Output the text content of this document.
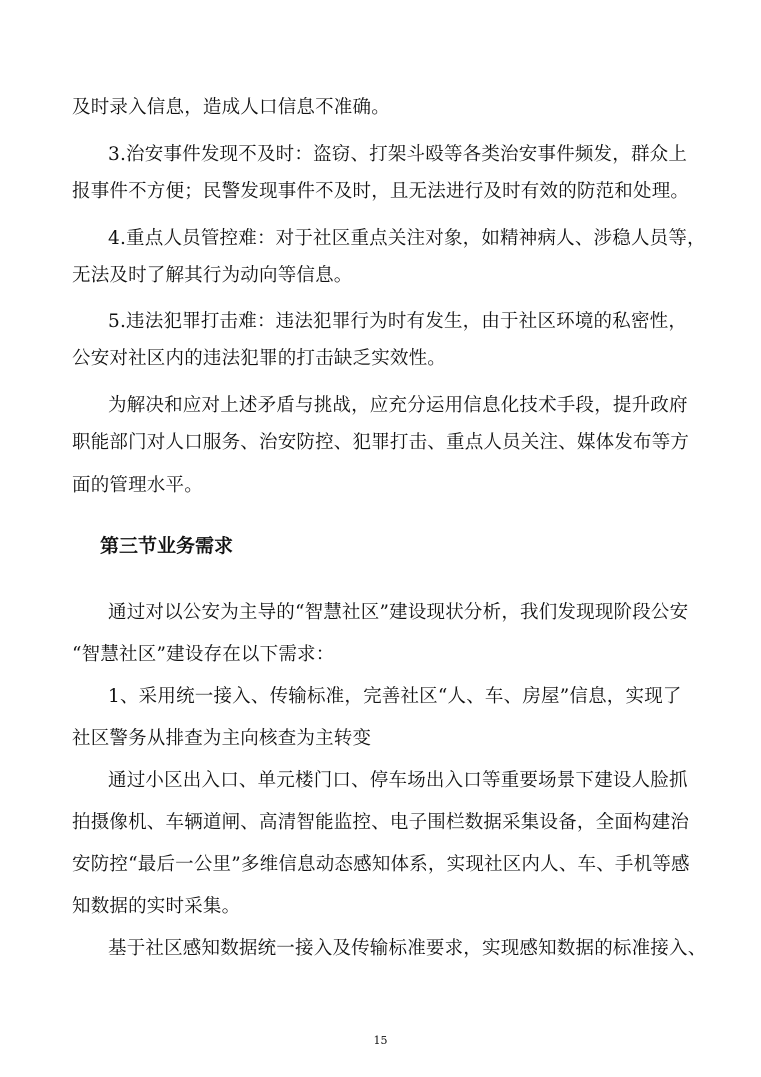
及时录入信息，造成人口信息不准确。
3.治安事件发现不及时：盗窃、打架斗殴等各类治安事件频发，群众上
报事件不方便；民警发现事件不及时，且无法进行及时有效的防范和处理。
4.重点人员管控难：对于社区重点关注对象，如精神病人、涉稳人员等，
无法及时了解其行为动向等信息。
5.违法犯罪打击难：违法犯罪行为时有发生，由于社区环境的私密性，
公安对社区内的违法犯罪的打击缺乏实效性。
为解决和应对上述矛盾与挑战，应充分运用信息化技术手段，提升政府
职能部门对人口服务、治安防控、犯罪打击、重点人员关注、媒体发布等方
面的管理水平。
第三节业务需求
通过对以公安为主导的“智慧社区”建设现状分析，我们发现现阶段公安
“智慧社区”建设存在以下需求：
1、采用统一接入、传输标准，完善社区“人、车、房屋”信息，实现了
社区警务从排查为主向核查为主转变
通过小区出入口、单元楼门口、停车场出入口等重要场景下建设人脸抓
拍摄像机、车辆道闸、高清智能监控、电子围栏数据采集设备，全面构建治
安防控“最后一公里”多维信息动态感知体系，实现社区内人、车、手机等感
知数据的实时采集。
基于社区感知数据统一接入及传输标准要求，实现感知数据的标准接入、
15
